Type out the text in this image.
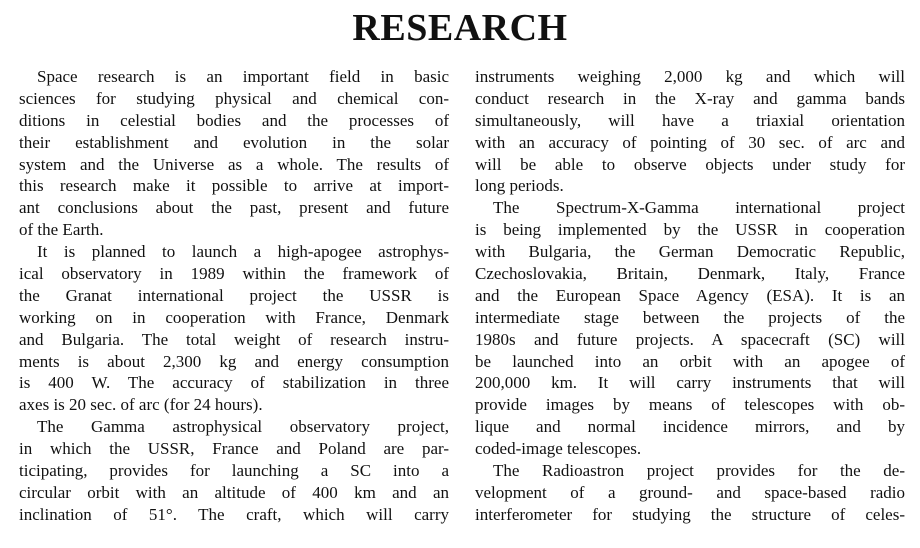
RESEARCH
Space research is an important field in basic
sciences for studying physical and chemical con-
ditions in celestial bodies and the processes of
their establishment and evolution in the solar
system and the Universe as a whole. The results of
this research make it possible to arrive at import-
ant conclusions about the past, present and future
of the Earth.
It is planned to launch a high-apogee astrophys-
ical observatory in 1989 within the framework of
the Granat international project the USSR is
working on in cooperation with France, Denmark
and Bulgaria. The total weight of research instru-
ments is about 2,300 kg and energy consumption
is 400 W. The accuracy of stabilization in three
axes is 20 sec. of arc (for 24 hours).
The Gamma astrophysical observatory project,
in which the USSR, France and Poland are par-
ticipating, provides for launching a SC into a
circular orbit with an altitude of 400 km and an
inclination of 51°. The craft, which will carry
instruments weighing 2,000 kg and which will
conduct research in the X-ray and gamma bands
simultaneously, will have a triaxial orientation
with an accuracy of pointing of 30 sec. of arc and
will be able to observe objects under study for
long periods.
The Spectrum-X-Gamma international project
is being implemented by the USSR in cooperation
with Bulgaria, the German Democratic Republic,
Czechoslovakia, Britain, Denmark, Italy, France
and the European Space Agency (ESA). It is an
intermediate stage between the projects of the
1980s and future projects. A spacecraft (SC) will
be launched into an orbit with an apogee of
200,000 km. It will carry instruments that will
provide images by means of telescopes with ob-
lique and normal incidence mirrors, and by
coded-image telescopes.
The Radioastron project provides for the de-
velopment of a ground- and space-based radio
interferometer for studying the structure of celes-
